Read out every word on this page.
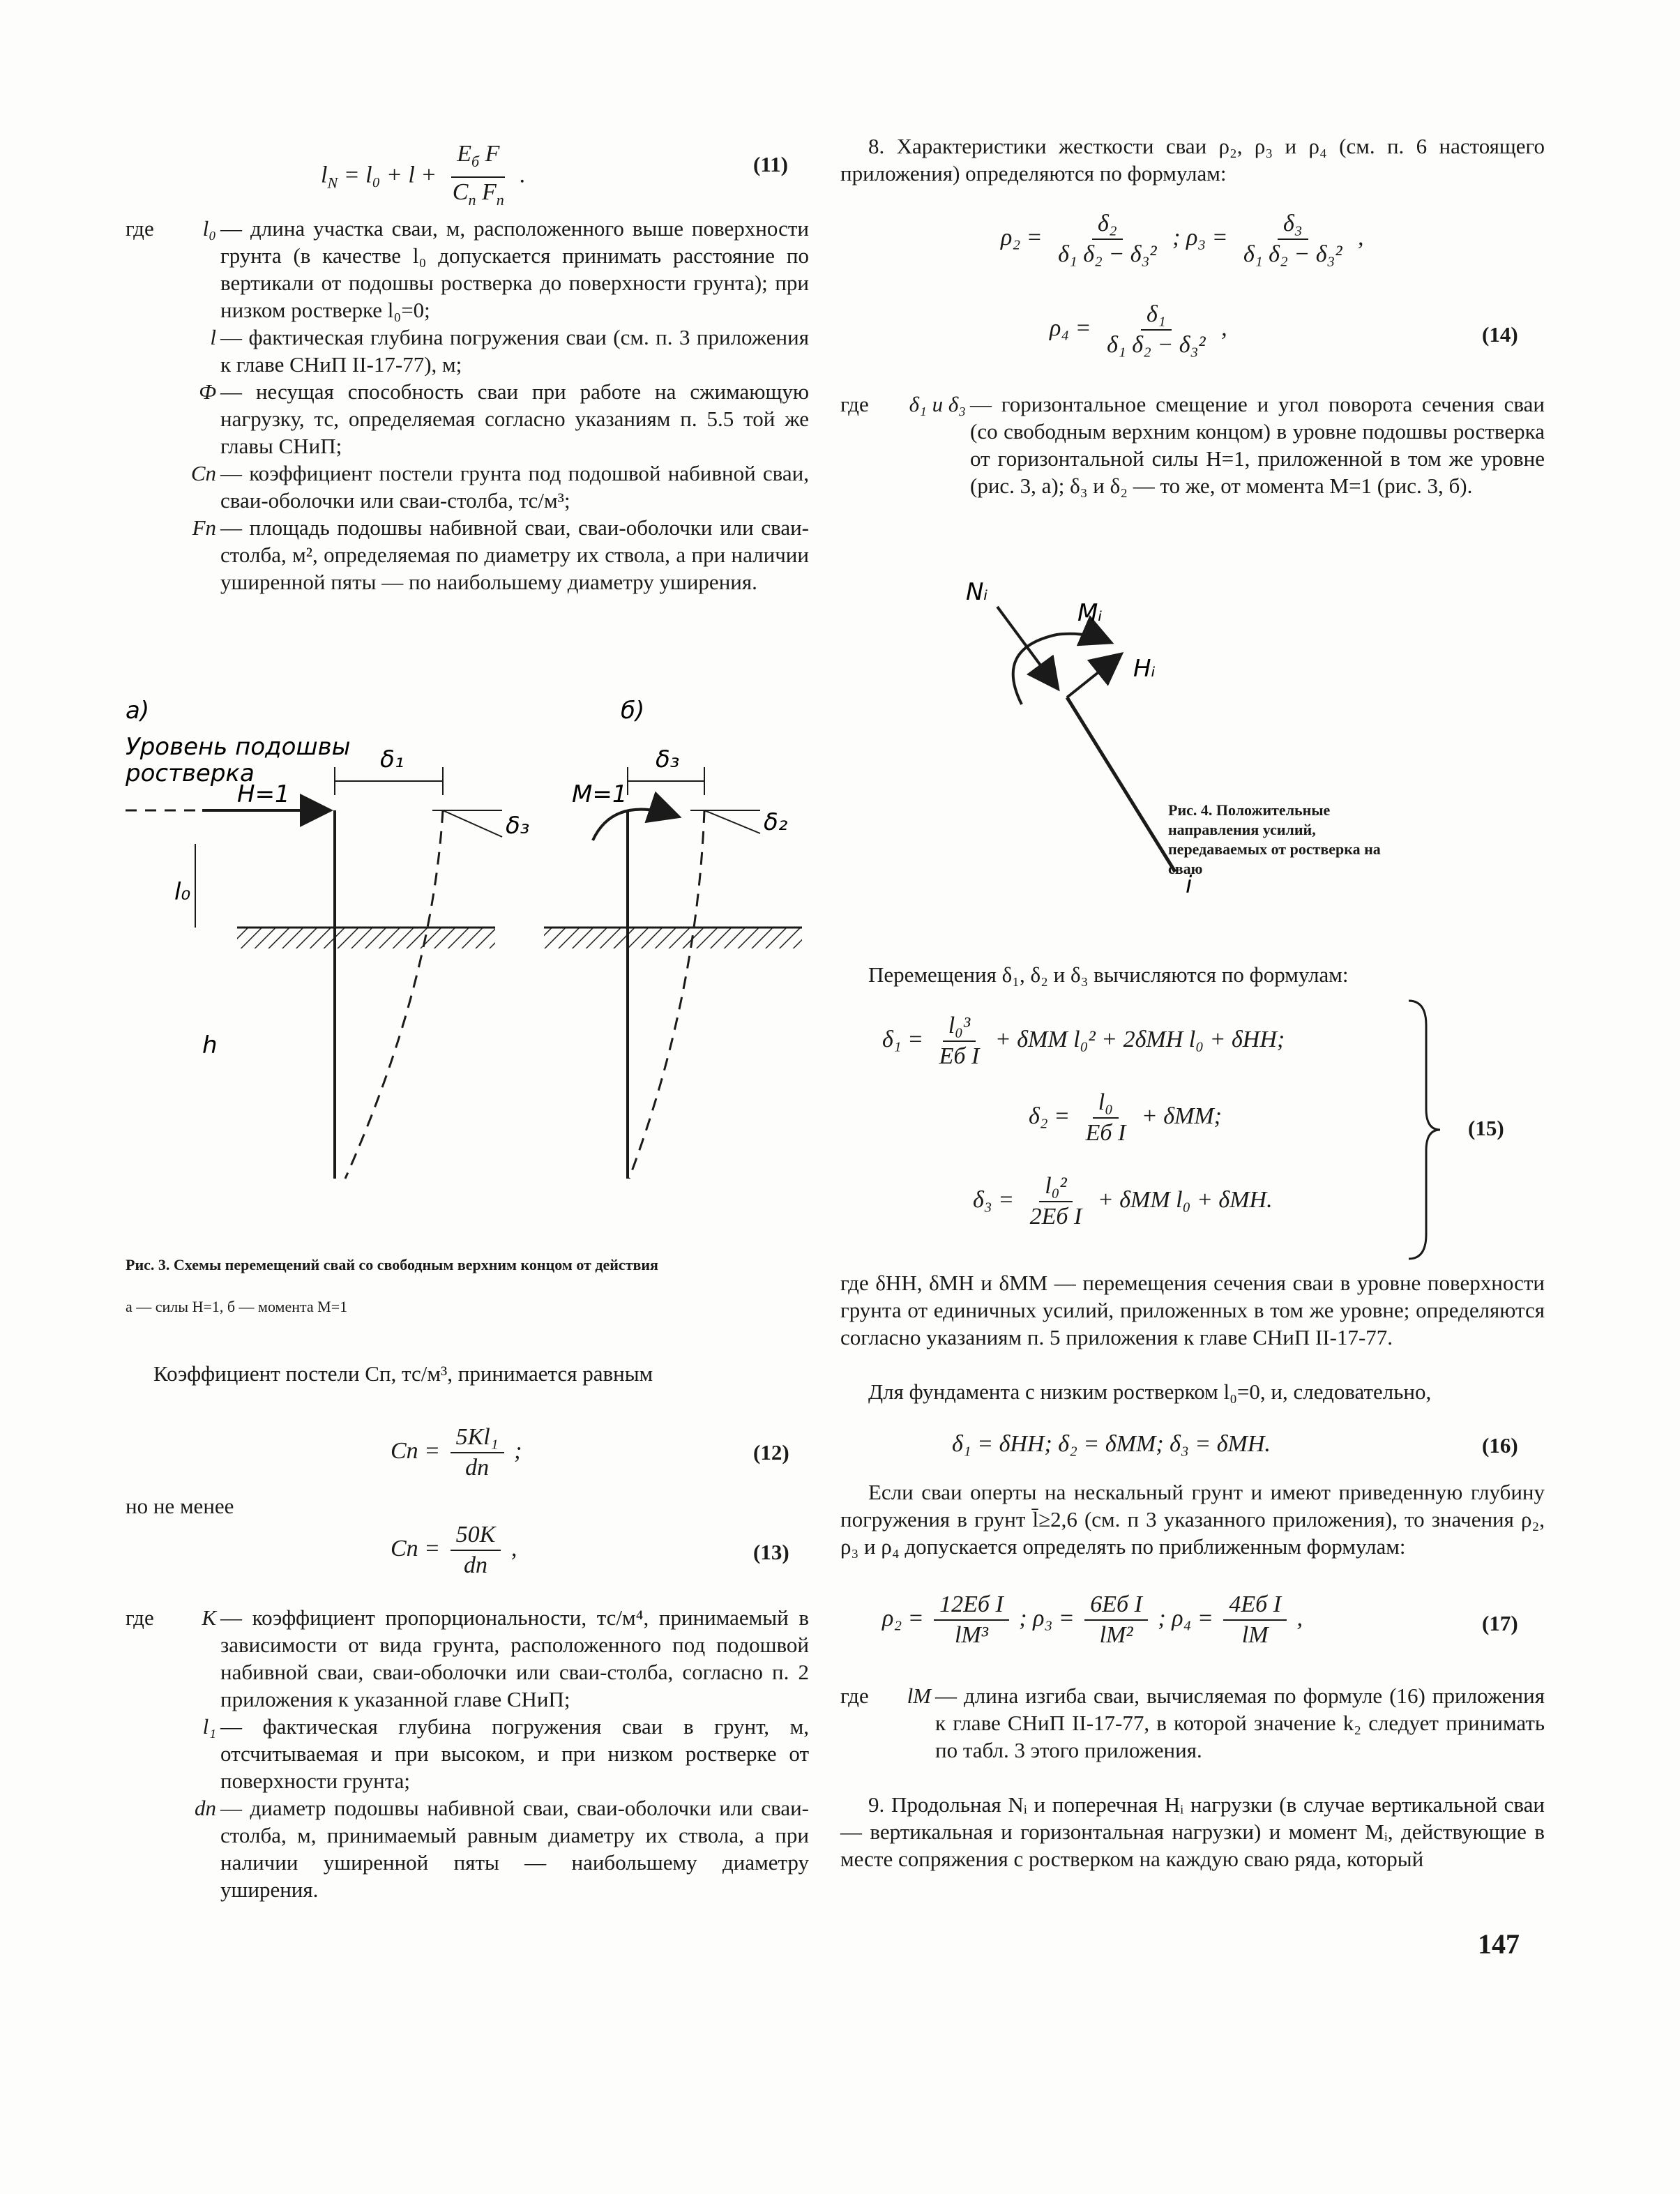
$l_N = l_0 + l + \frac{E_б F}{C_п F_п}$ .	(11)
где	l₀ — длина участка сваи, м, расположенного выше поверхности грунта (в качестве l₀ допускается принимать расстояние по вертикали от подошвы ростверка до поверхности грунта); при низком ростверке l₀=0;
l — фактическая глубина погружения сваи (см. п. 3 приложения к главе СНиП II-17-77), м;
Ф — несущая способность сваи при работе на сжимающую нагрузку, тс, определяемая согласно указаниям п. 5.5 той же главы СНиП;
Cп — коэффициент постели грунта под подошвой набивной сваи, сваи-оболочки или сваи-столба, тс/м³;
Fп — площадь подошвы набивной сваи, сваи-оболочки или сваи-столба, м², определяемая по диаметру их ствола, а при наличии уширенной пяты — по наибольшему диаметру уширения.
а)
Уровень подошвы
ростверка
H=1
δ₁
δ₃
l₀
h
б)
M=1
δ₃
δ₂
Рис. 3. Схемы перемещений свай со свободным верхним концом от действия
а — силы H=1, б — момента M=1

Коэффициент постели Cп, тс/м³, принимается равным

Cп = $\frac{\text{5Kl₁}}{dп}$ ;	(12)

но не менее

Cп = $\frac{50K}{dп}$ ,	(13)
где	K — коэффициент пропорциональности, тс/м⁴, принимаемый в зависимости от вида грунта, расположенного под подошвой набивной сваи, сваи-оболочки или сваи-столба, согласно п. 2 приложения к указанной главе СНиП;
l₁ — фактическая глубина погружения сваи в грунт, м, отсчитываемая и при высоком, и при низком ростверке от поверхности грунта;
dп — диаметр подошвы набивной сваи, сваи-оболочки или сваи-столба, м, принимаемый равным диаметру их ствола, а при наличии уширенной пяты — наибольшему диаметру уширения.

8. Характеристики жесткости сваи ρ₂, ρ₃ и ρ₄ (см. п. 6 настоящего приложения) определяются по формулам:

$\rho_2 = \frac{\text{δ₂}}{\text{δ₁ δ₂ − δ₃²}}$ ; $\rho_3 = \frac{\text{δ₃}}{\text{δ₁ δ₂ − δ₃²}}$ ,
$\rho_4 = \frac{\text{δ₁}}{\text{δ₁ δ₂ − δ₃²}}$ ,	(14)
где	δ₁ и δ₃ — горизонтальное смещение и угол поворота сечения сваи (со свободным верхним концом) в уровне подошвы ростверка от горизонтальной силы H=1, приложенной в том же уровне (рис. 3, а); δ₃ и δ₂ — то же, от момента M=1 (рис. 3, б).
Nᵢ
Mᵢ
Hᵢ
i
Рис. 4. Положительные направления усилий, передаваемых от ростверка на сваю

Перемещения δ₁, δ₂ и δ₃ вычисляются по формулам:

$\delta_1 = \frac{\text{l₀³}}{\text{Eб I}} + \delta MM$ l₀² + 2δMH l₀ + δHH;
$\delta_2 = \frac{\text{l₀}}{\text{Eб I}} + \delta MM$;
$\delta_3 = \frac{\text{l₀²}}{\text{2Eб I}} + \delta MM$ l₀ + δMH.
(15)

где δHH, δMH и δMM — перемещения сечения сваи в уровне поверхности грунта от единичных усилий, приложенных в том же уровне; определяются согласно указаниям п. 5 приложения к главе СНиП II-17-77.

Для фундамента с низким ростверком l₀=0, и, следовательно,

δ₁ = δHH; δ₂ = δMM; δ₃ = δMH.	(16)

Если сваи оперты на нескальный грунт и имеют приведенную глубину погружения в грунт l̄≥2,6 (см. п 3 указанного приложения), то значения ρ₂, ρ₃ и ρ₄ допускается определять по приближенным формулам:

$\rho_2 = \frac{\text{12Eб I}}{\text{lM³}}$ ; $\rho_3 = \frac{\text{6Eб I}}{\text{lM²}}$ ; $\rho_4 = \frac{\text{4Eб I}}{lM}$ ,	(17)
где	lM — длина изгиба сваи, вычисляемая по формуле (16) приложения к главе СНиП II-17-77, в которой значение k₂ следует принимать по табл. 3 этого приложения.

9. Продольная Nᵢ и поперечная Hᵢ нагрузки (в случае вертикальной сваи — вертикальная и горизонтальная нагрузки) и момент Mᵢ, действующие в месте сопряжения с ростверком на каждую сваю ряда, который

147
